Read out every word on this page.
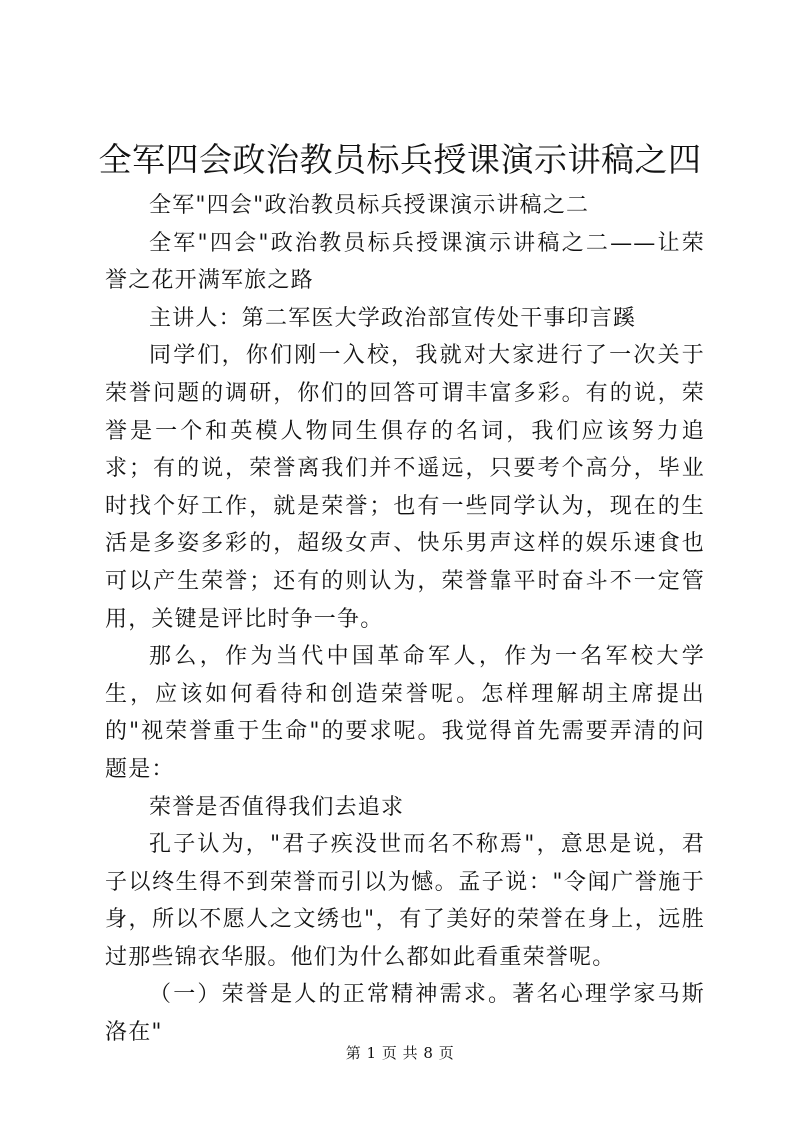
全军四会政治教员标兵授课演示讲稿之四

全军"四会"政治教员标兵授课演示讲稿之二

全军"四会"政治教员标兵授课演示讲稿之二——让荣誉之花开满军旅之路

主讲人：第二军医大学政治部宣传处干事印言蹊

同学们，你们刚一入校，我就对大家进行了一次关于荣誉问题的调研，你们的回答可谓丰富多彩。有的说，荣誉是一个和英模人物同生俱存的名词，我们应该努力追求；有的说，荣誉离我们并不遥远，只要考个高分，毕业时找个好工作，就是荣誉；也有一些同学认为，现在的生活是多姿多彩的，超级女声、快乐男声这样的娱乐速食也可以产生荣誉；还有的则认为，荣誉靠平时奋斗不一定管用，关键是评比时争一争。

那么，作为当代中国革命军人，作为一名军校大学生，应该如何看待和创造荣誉呢。怎样理解胡主席提出的"视荣誉重于生命"的要求呢。我觉得首先需要弄清的问题是：

荣誉是否值得我们去追求

孔子认为，"君子疾没世而名不称焉"，意思是说，君子以终生得不到荣誉而引以为憾。孟子说："令闻广誉施于身，所以不愿人之文绣也"，有了美好的荣誉在身上，远胜过那些锦衣华服。他们为什么都如此看重荣誉呢。

（一）荣誉是人的正常精神需求。著名心理学家马斯洛在"

第 1 页 共 8 页
